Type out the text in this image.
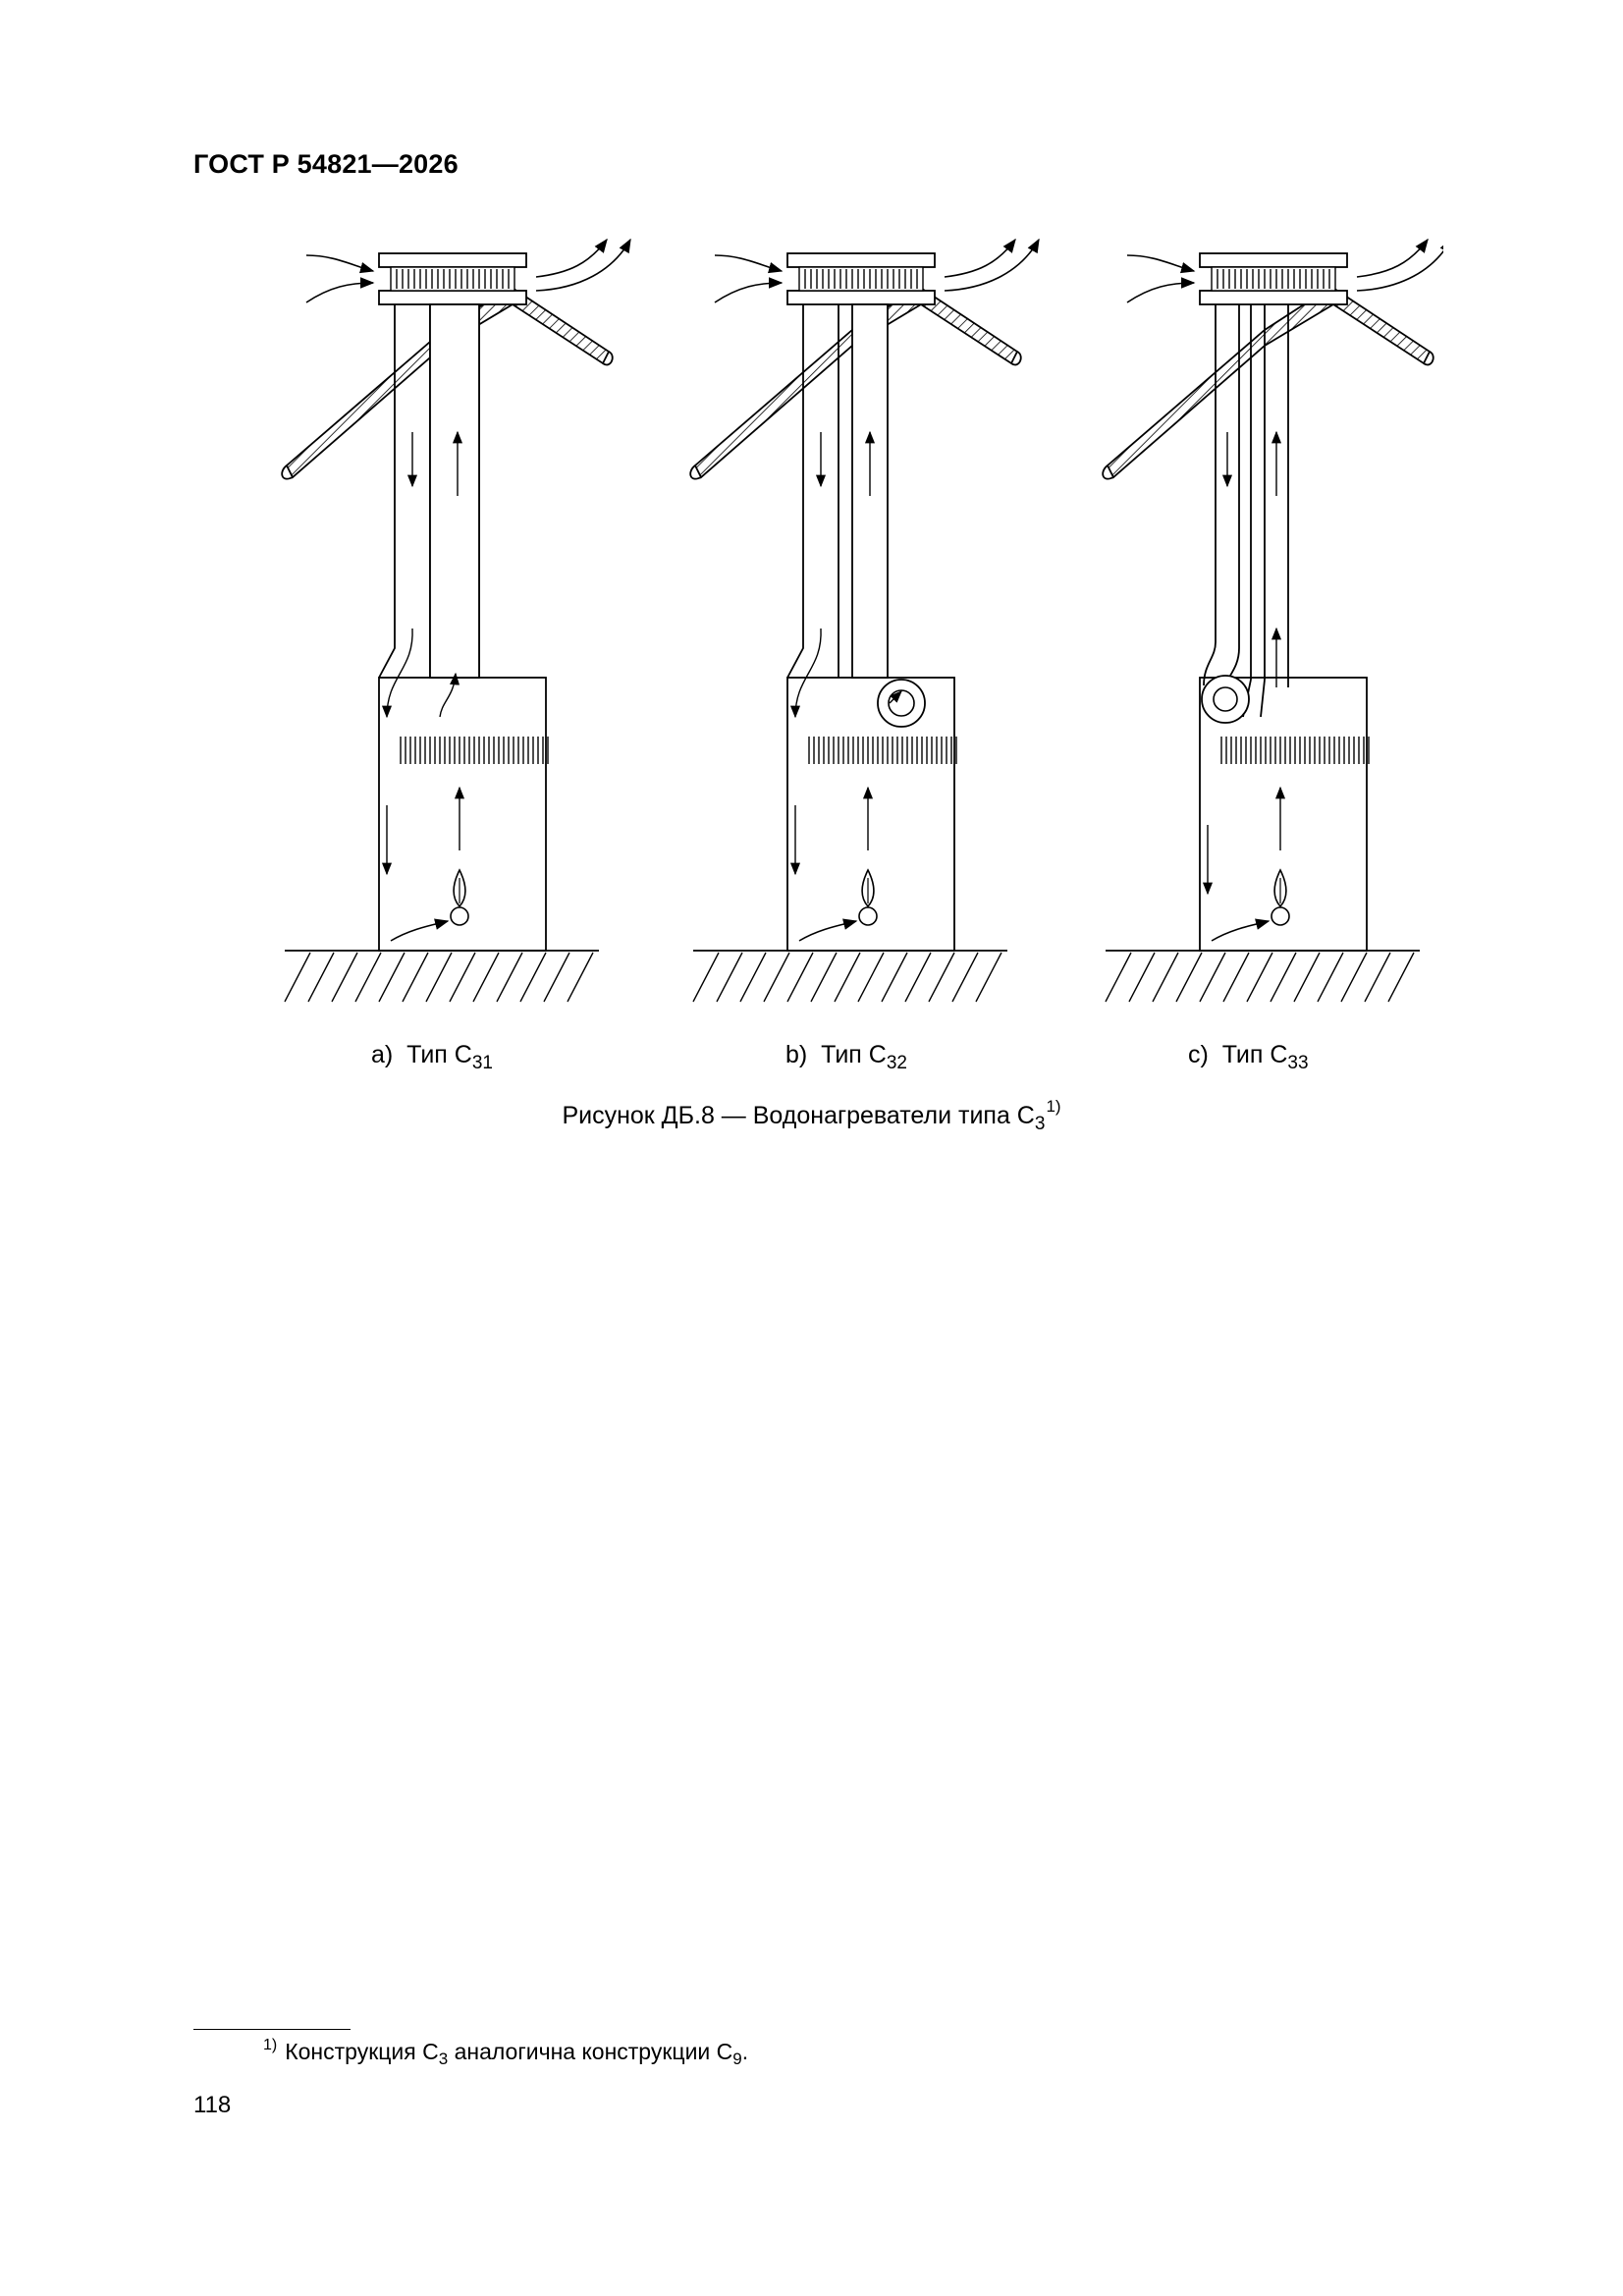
ГОСТ Р 54821—2026
a) Тип $C_{31}$	b) Тип $C_{32}$	c) Тип $C_{33}$
Рисунок ДБ.8 — Водонагреватели типа $C_3^{1)}$
$^{1)}$ Конструкция $C_3$ аналогична конструкции $C_9$.
118
